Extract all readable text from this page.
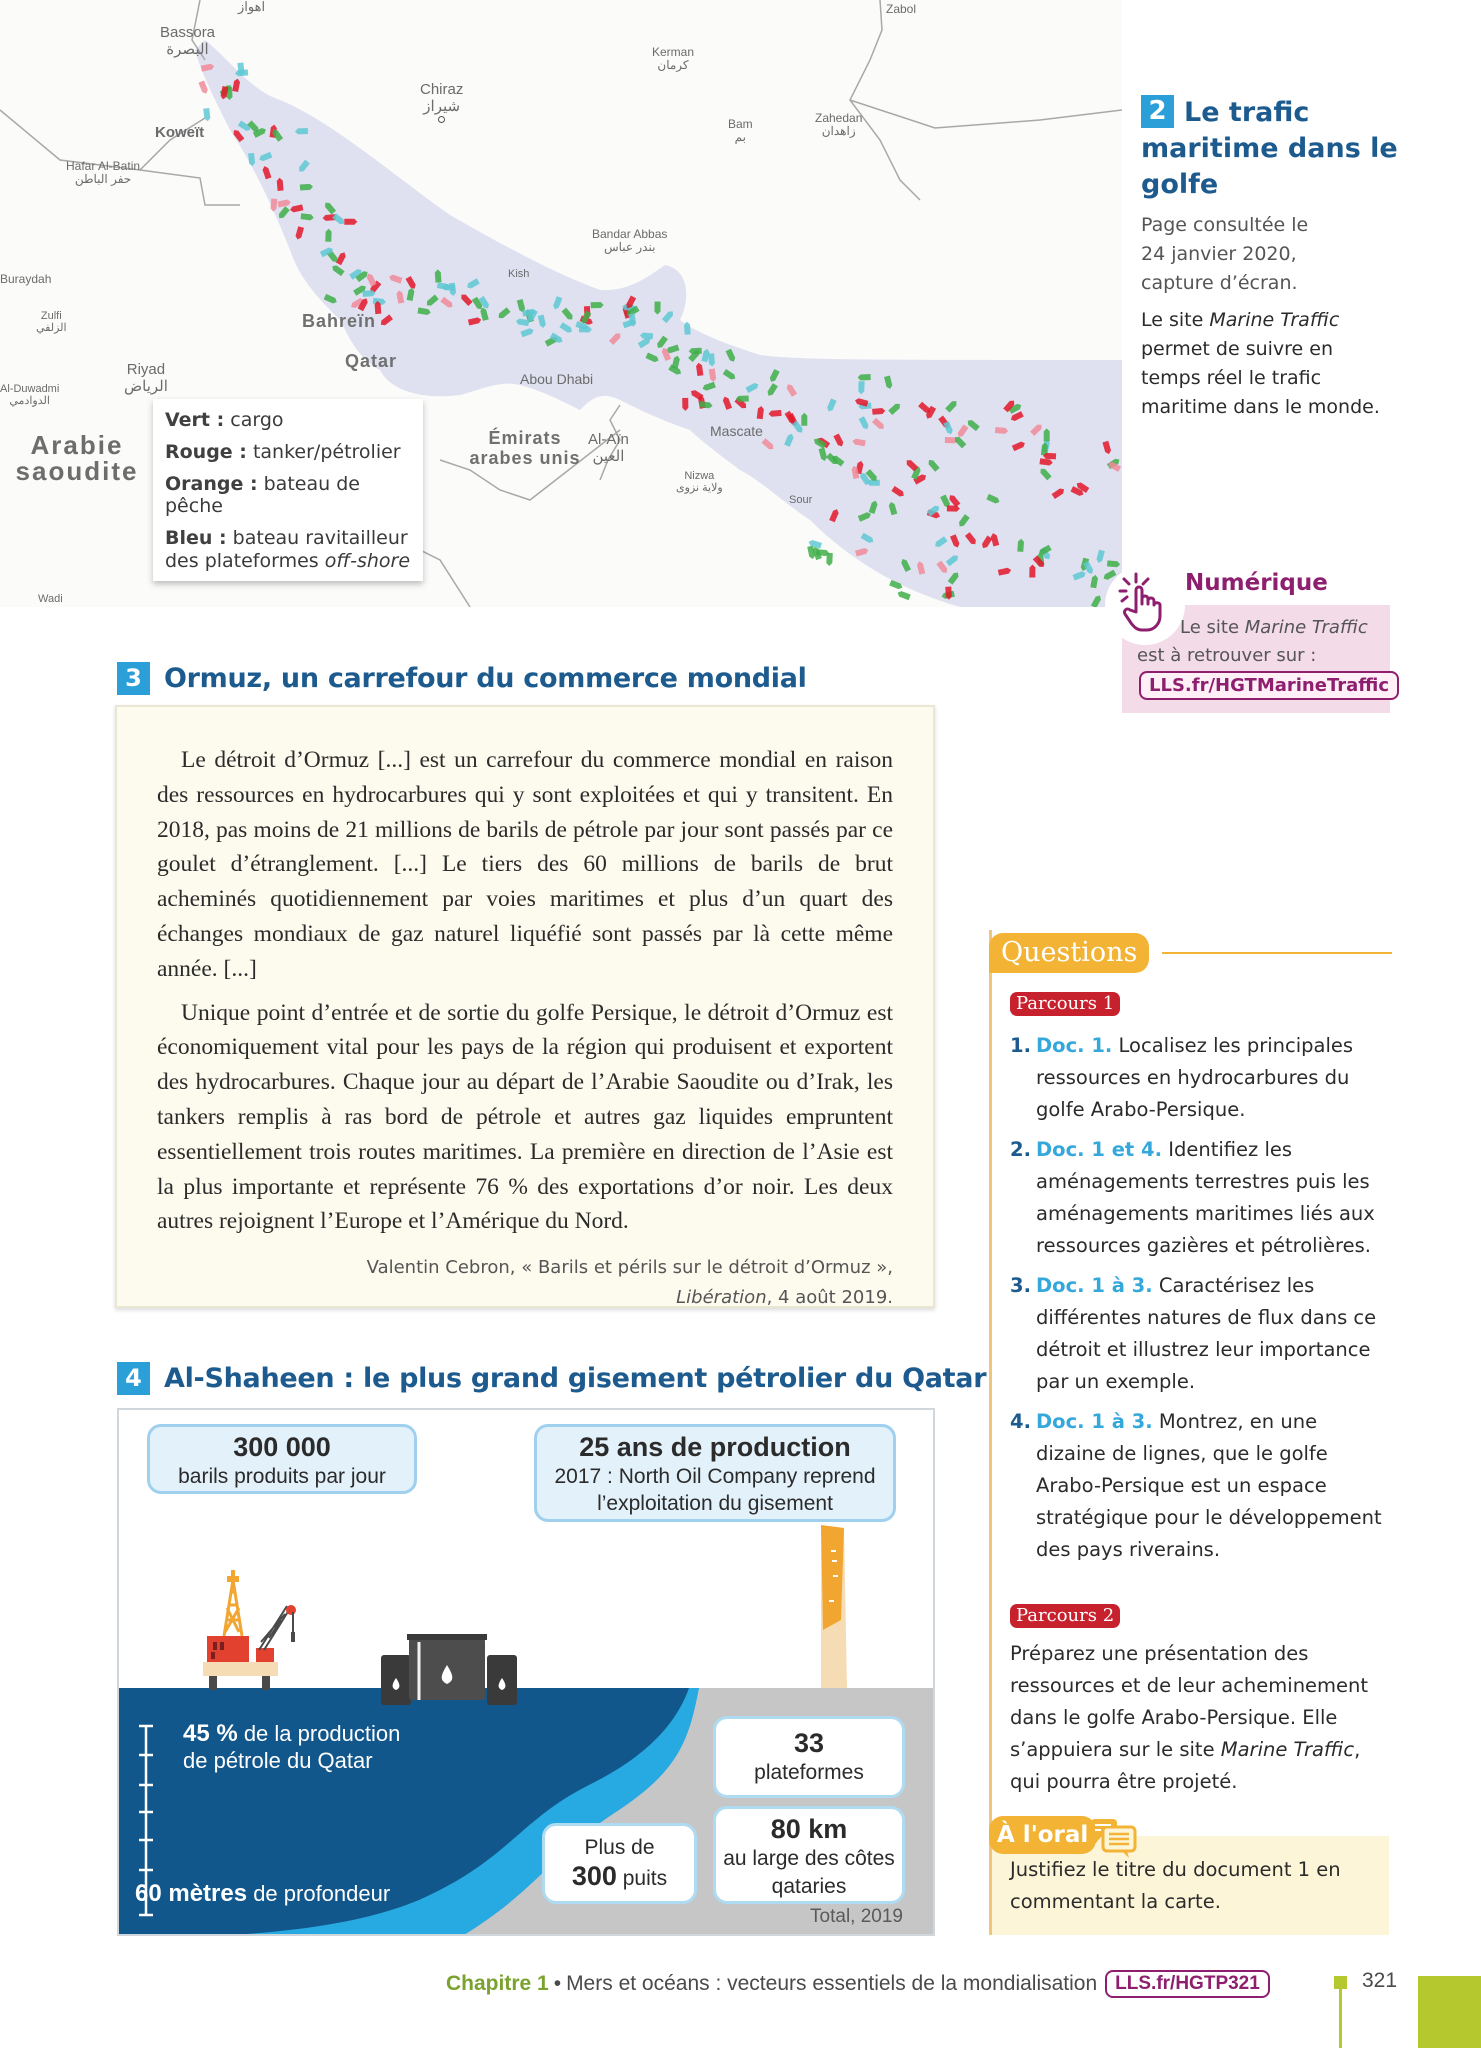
اهواز
Bassora
البصرة
Koweït
Hafar Al-Batin
حفر الباطن
Chiraz
شیراز
Kerman
کرمان
Bam
بم
Zahedan
زاهدان
Zabol
Buraydah
Zulfi
الزلفي
Al-Duwadmi
الدوادمي
Riyad
الرياض
Arabie saoudite
Wadi
Bahreïn
Qatar
Kish
Bandar Abbas
بندر عباس
Abou Dhabi
Émirats arabes unis
Al-Aïn
العين
Mascate
Nizwa
ولاية نزوى
Sour
Vert : cargo
Rouge : tanker/pétrolier
Orange : bateau de pêche
Bleu : bateau ravitailleur des plateformes off-shore
2 Le trafic maritime dans le golfe
Page consultée le 24 janvier 2020, capture d’écran.
Le site Marine Traffic permet de suivre en temps réel le trafic maritime dans le monde.
Numérique
Le site Marine Traffic
est à retrouver sur :
LLS.fr/HGTMarineTraffic
3 Ormuz, un carrefour du commerce mondial

Le détroit d’Ormuz [...] est un carrefour du commerce mondial en raison des ressources en hydrocarbures qui y sont exploitées et qui y transitent. En 2018, pas moins de 21 millions de barils de pétrole par jour sont passés par ce goulet d’étranglement. [...] Le tiers des 60 millions de barils de brut acheminés quotidiennement par voies maritimes et plus d’un quart des échanges mondiaux de gaz naturel liquéfié sont passés par là cette même année. [...]

Unique point d’entrée et de sortie du golfe Persique, le détroit d’Ormuz est économiquement vital pour les pays de la région qui produisent et exportent des hydrocarbures. Chaque jour au départ de l’Arabie Saoudite ou d’Irak, les tankers remplis à ras bord de pétrole et autres gaz liquides empruntent essentiellement trois routes maritimes. La première en direction de l’Asie est la plus importante et représente 76 % des exportations d’or noir. Les deux autres rejoignent l’Europe et l’Amérique du Nord.

Valentin Cebron, « Barils et périls sur le détroit d’Ormuz »,
Libération, 4 août 2019.

4 Al-Shaheen : le plus grand gisement pétrolier du Qatar
300 000
barils produits par jour
25 ans de production
2017 : North Oil Company reprend l’exploitation du gisement
45 % de la production
de pétrole du Qatar
60 mètres de profondeur
33
plateformes
Plus de
300 puits
80 km
au large des côtes qataries
Total, 2019
Questions
Parcours 1
1. Doc. 1. Localisez les principales ressources en hydrocarbures du golfe Arabo-Persique.
2. Doc. 1 et 4. Identifiez les aménagements terrestres puis les aménagements maritimes liés aux ressources gazières et pétrolières.
3. Doc. 1 à 3. Caractérisez les différentes natures de flux dans ce détroit et illustrez leur importance par un exemple.
4. Doc. 1 à 3. Montrez, en une dizaine de lignes, que le golfe Arabo-Persique est un espace stratégique pour le développement des pays riverains.
Parcours 2
Préparez une présentation des ressources et de leur acheminement dans le golfe Arabo-Persique. Elle s’appuiera sur le site Marine Traffic, qui pourra être projeté.
À l'oral
Justifiez le titre du document 1 en commentant la carte.
Chapitre 1 • Mers et océans : vecteurs essentiels de la mondialisation LLS.fr/HGTP321	321
